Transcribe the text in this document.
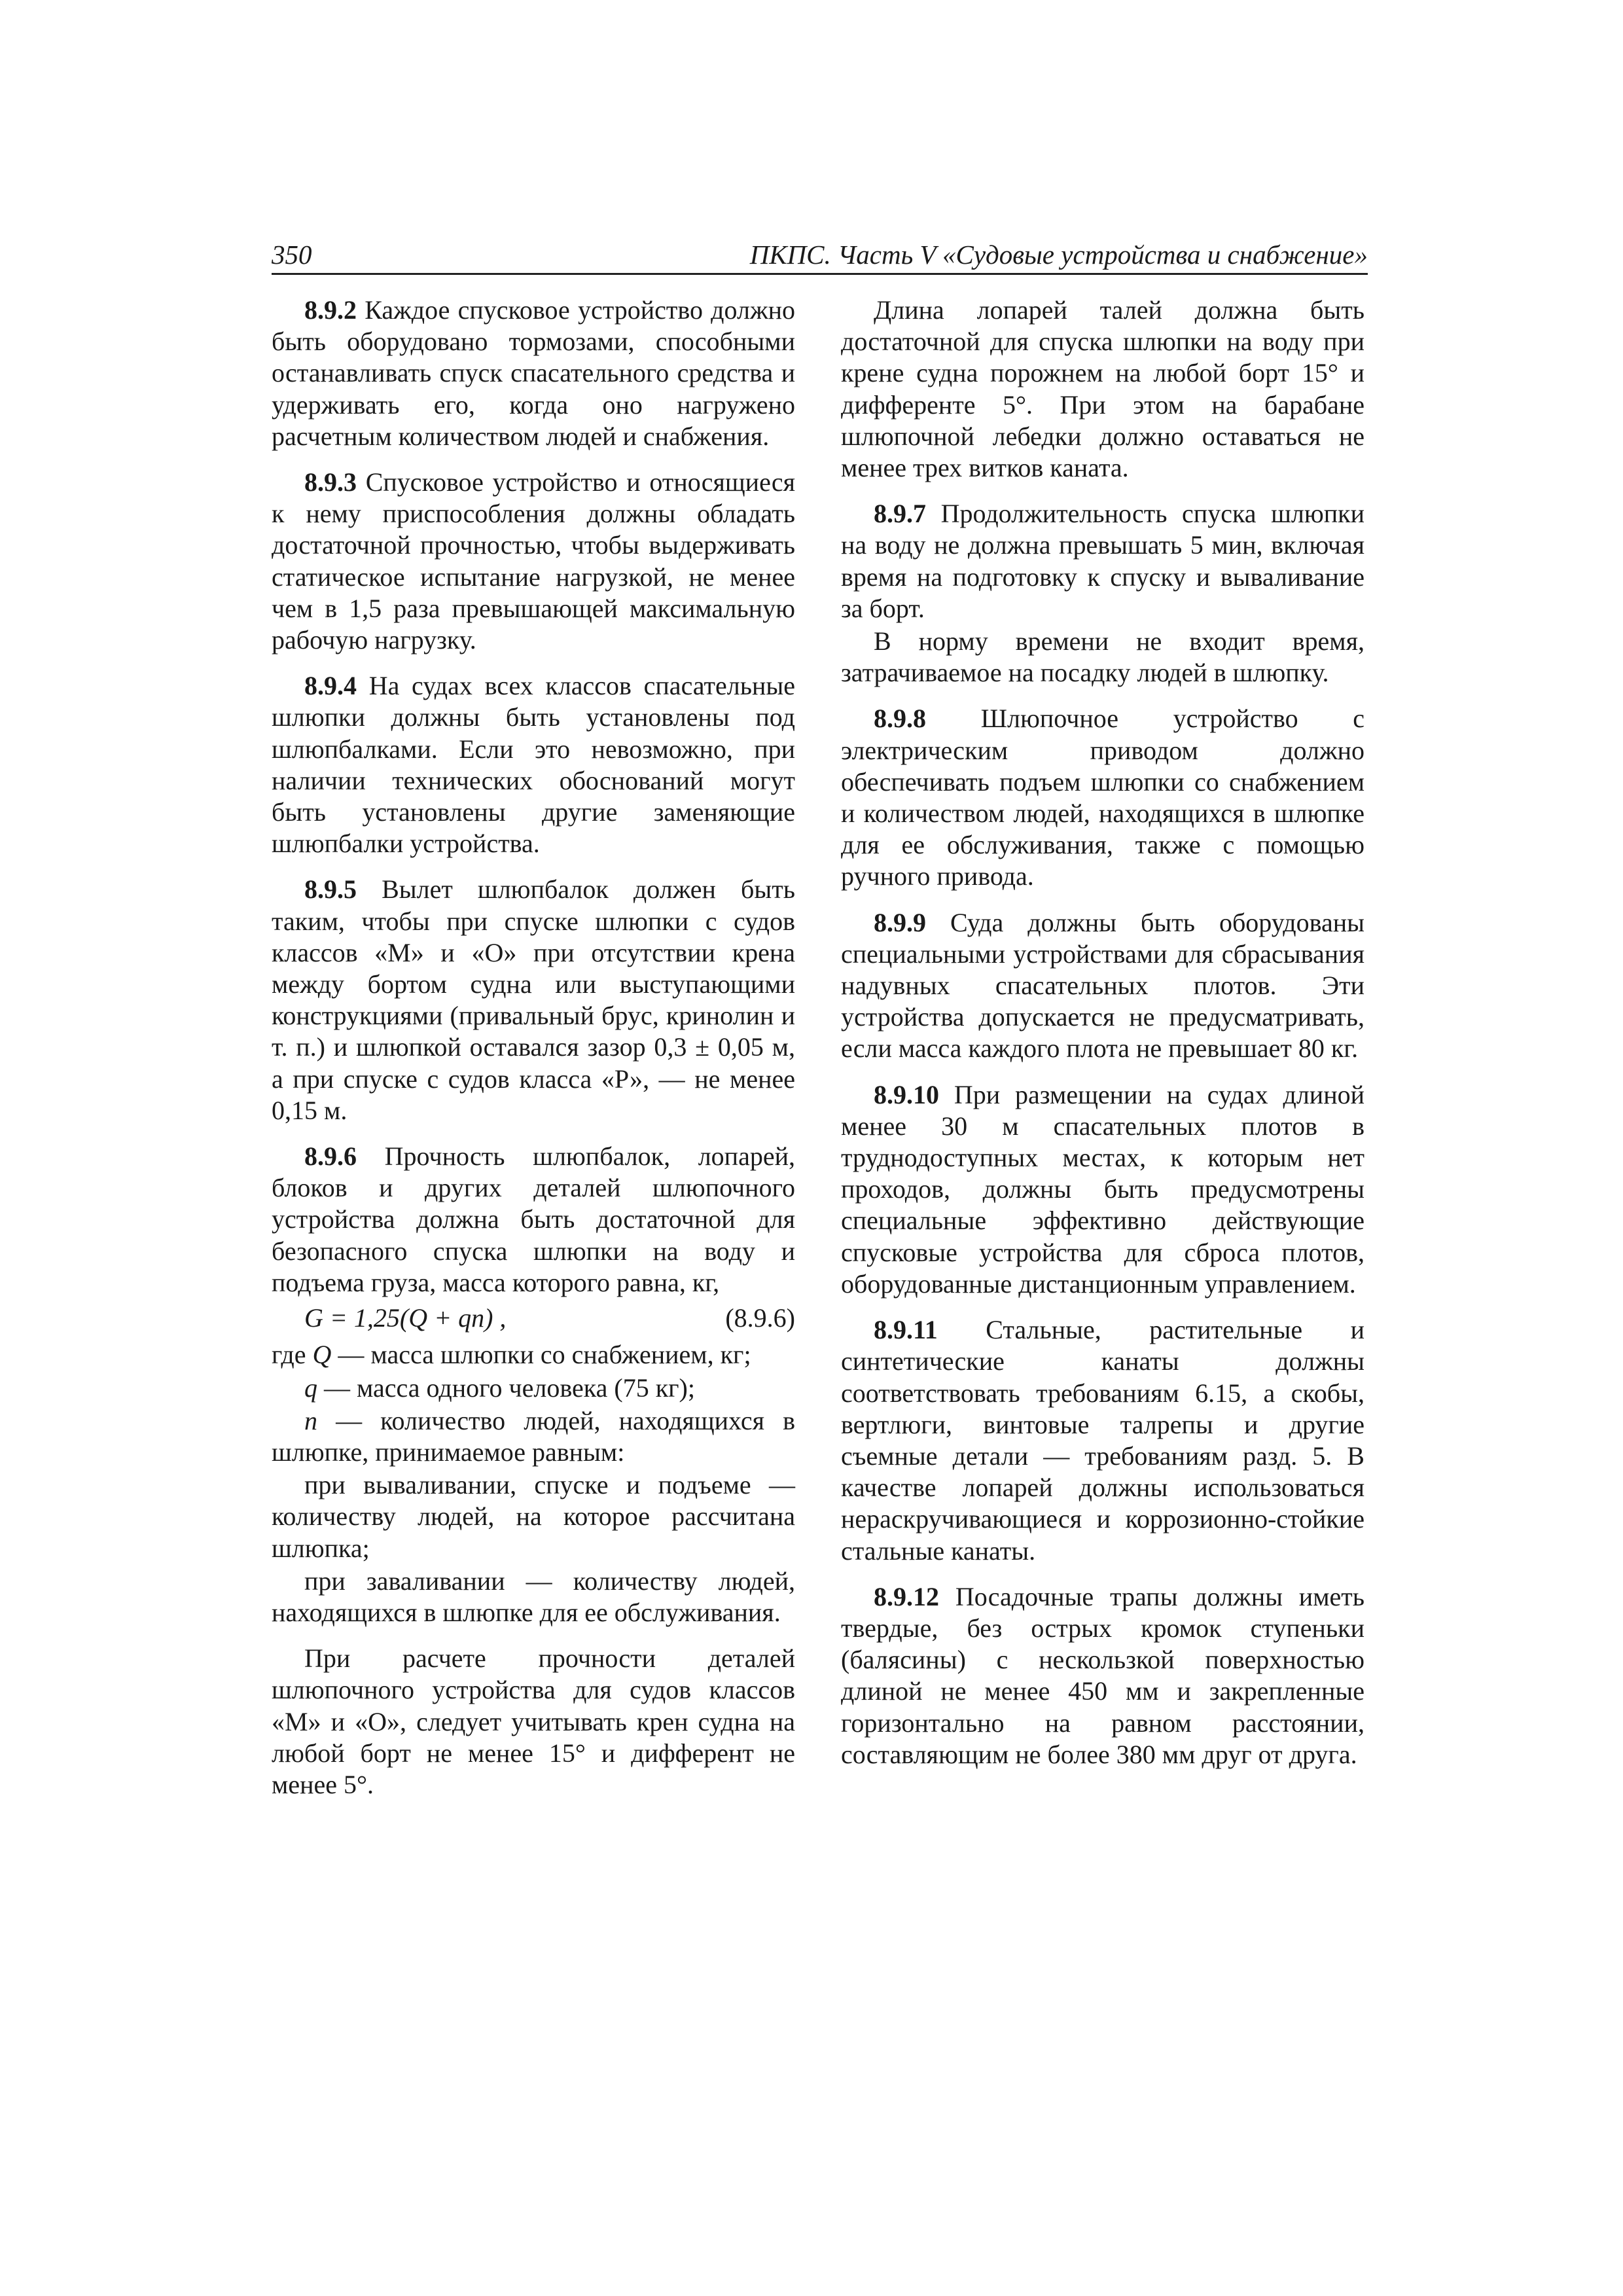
350	ПКПС. Часть V «Судовые устройства и снабжение»

8.9.2 Каждое спусковое устройство должно быть оборудовано тормозами, способными останавливать спуск спасательного средства и удерживать его, когда оно нагружено расчетным количеством людей и снабжения.

8.9.3 Спусковое устройство и относящиеся к нему приспособления должны обладать достаточной прочностью, чтобы выдерживать статическое испытание нагрузкой, не менее чем в 1,5 раза превышающей максимальную рабочую нагрузку.

8.9.4 На судах всех классов спасательные шлюпки должны быть установлены под шлюпбалками. Если это невозможно, при наличии технических обоснований могут быть установлены другие заменяющие шлюпбалки устройства.

8.9.5 Вылет шлюпбалок должен быть таким, чтобы при спуске шлюпки с судов классов «М» и «О» при отсутствии крена между бортом судна или выступающими конструкциями (привальный брус, кринолин и т. п.) и шлюпкой оставался зазор 0,3 ± 0,05 м, а при спуске с судов класса «Р», — не менее 0,15 м.

8.9.6 Прочность шлюпбалок, лопарей, блоков и других деталей шлюпочного устройства должна быть достаточной для безопасного спуска шлюпки на воду и подъема груза, масса которого равна, кг,

G = 1,25(Q + qn) ,	(8.9.6)

где Q — масса шлюпки со снабжением, кг;

q — масса одного человека (75 кг);

n — количество людей, находящихся в шлюпке, принимаемое равным:

при вываливании, спуске и подъеме — количеству людей, на которое рассчитана шлюпка;

при заваливании — количеству людей, находящихся в шлюпке для ее обслуживания.

При расчете прочности деталей шлюпочного устройства для судов классов «М» и «О», следует учитывать крен судна на любой борт не менее 15° и дифферент не менее 5°.

Длина лопарей талей должна быть достаточной для спуска шлюпки на воду при крене судна порожнем на любой борт 15° и дифференте 5°. При этом на барабане шлюпочной лебедки должно оставаться не менее трех витков каната.

8.9.7 Продолжительность спуска шлюпки на воду не должна превышать 5 мин, включая время на подготовку к спуску и вываливание за борт.

В норму времени не входит время, затрачиваемое на посадку людей в шлюпку.

8.9.8 Шлюпочное устройство с электрическим приводом должно обеспечивать подъем шлюпки со снабжением и количеством людей, находящихся в шлюпке для ее обслуживания, также с помощью ручного привода.

8.9.9 Суда должны быть оборудованы специальными устройствами для сбрасывания надувных спасательных плотов. Эти устройства допускается не предусматривать, если масса каждого плота не превышает 80 кг.

8.9.10 При размещении на судах длиной менее 30 м спасательных плотов в труднодоступных местах, к которым нет проходов, должны быть предусмотрены специальные эффективно действующие спусковые устройства для сброса плотов, оборудованные дистанционным управлением.

8.9.11 Стальные, растительные и синтетические канаты должны соответствовать требованиям 6.15, а скобы, вертлюги, винтовые талрепы и другие съемные детали — требованиям разд. 5. В качестве лопарей должны использоваться нераскручивающиеся и коррозионно-стойкие стальные канаты.

8.9.12 Посадочные трапы должны иметь твердые, без острых кромок ступеньки (балясины) с нескользкой поверхностью длиной не менее 450 мм и закрепленные горизонтально на равном расстоянии, составляющим не более 380 мм друг от друга.
